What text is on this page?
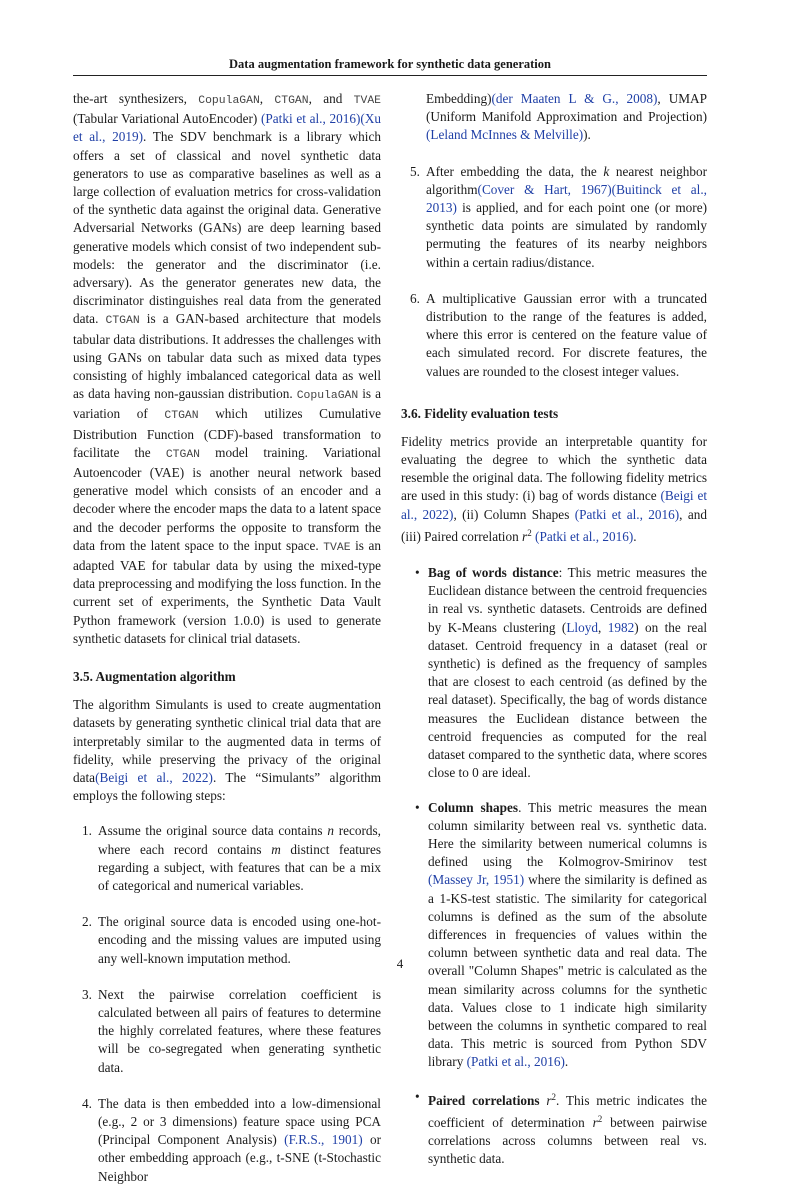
Data augmentation framework for synthetic data generation

the-art synthesizers, CopulaGAN, CTGAN, and TVAE (Tabular Variational AutoEncoder) (Patki et al., 2016)(Xu et al., 2019). The SDV benchmark is a library which offers a set of classical and novel synthetic data generators to use as comparative baselines as well as a large collection of evaluation metrics for cross-validation of the synthetic data against the original data. Generative Adversarial Networks (GANs) are deep learning based generative models which consist of two independent sub-models: the generator and the discriminator (i.e. adversary). As the generator generates new data, the discriminator distinguishes real data from the generated data. CTGAN is a GAN-based architecture that models tabular data distributions. It addresses the challenges with using GANs on tabular data such as mixed data types consisting of highly imbalanced categorical data as well as data having non-gaussian distribution. CopulaGAN is a variation of CTGAN which utilizes Cumulative Distribution Function (CDF)-based transformation to facilitate the CTGAN model training. Variational Autoencoder (VAE) is another neural network based generative model which consists of an encoder and a decoder where the encoder maps the data to a latent space and the decoder performs the opposite to transform the data from the latent space to the input space. TVAE is an adapted VAE for tabular data by using the mixed-type data preprocessing and modifying the loss function. In the current set of experiments, the Synthetic Data Vault Python framework (version 1.0.0) is used to generate synthetic datasets for clinical trial datasets.

3.5. Augmentation algorithm

The algorithm Simulants is used to create augmentation datasets by generating synthetic clinical trial data that are interpretably similar to the augmented data in terms of fidelity, while preserving the privacy of the original data(Beigi et al., 2022). The “Simulants” algorithm employs the following steps:

1. Assume the original source data contains n records, where each record contains m distinct features regarding a subject, with features that can be a mix of categorical and numerical variables.
2. The original source data is encoded using one-hot-encoding and the missing values are imputed using any well-known imputation method.
3. Next the pairwise correlation coefficient is calculated between all pairs of features to determine the highly correlated features, where these features will be co-segregated when generating synthetic data.
4. The data is then embedded into a low-dimensional (e.g., 2 or 3 dimensions) feature space using PCA (Principal Component Analysis) (F.R.S., 1901) or other embedding approach (e.g., t-SNE (t-Stochastic Neighbor

Embedding)(der Maaten L & G., 2008), UMAP (Uniform Manifold Approximation and Projection) (Leland McInnes & Melville)).

5. After embedding the data, the k nearest neighbor algorithm(Cover & Hart, 1967)(Buitinck et al., 2013) is applied, and for each point one (or more) synthetic data points are simulated by randomly permuting the features of its nearby neighbors within a certain radius/distance.
6. A multiplicative Gaussian error with a truncated distribution to the range of the features is added, where this error is centered on the feature value of each simulated record. For discrete features, the values are rounded to the closest integer values.
3.6. Fidelity evaluation tests

Fidelity metrics provide an interpretable quantity for evaluating the degree to which the synthetic data resemble the original data. The following fidelity metrics are used in this study: (i) bag of words distance (Beigi et al., 2022), (ii) Column Shapes (Patki et al., 2016), and (iii) Paired correlation $r^2$ (Patki et al., 2016).

• Bag of words distance: This metric measures the Euclidean distance between the centroid frequencies in real vs. synthetic datasets. Centroids are defined by K-Means clustering (Lloyd, 1982) on the real dataset. Centroid frequency in a dataset (real or synthetic) is defined as the frequency of samples that are closest to each centroid (as defined by the real dataset). Specifically, the bag of words distance measures the Euclidean distance between the centroid frequencies as computed for the real dataset compared to the synthetic data, where scores close to 0 are ideal.
• Column shapes. This metric measures the mean column similarity between real vs. synthetic data. Here the similarity between numerical columns is defined using the Kolmogrov-Smirinov test (Massey Jr, 1951) where the similarity is defined as a 1-KS-test statistic. The similarity for categorical columns is defined as the sum of the absolute differences in frequencies of values within the column between synthetic data and real data. The overall "Column Shapes" metric is calculated as the mean similarity across columns for the synthetic data. Values close to 1 indicate high similarity between the columns in synthetic compared to real data. This metric is sourced from Python SDV library (Patki et al., 2016).
• Paired correlations $r^2$. This metric indicates the coefficient of determination $r^2$ between pairwise correlations across columns between real vs. synthetic data.
4
